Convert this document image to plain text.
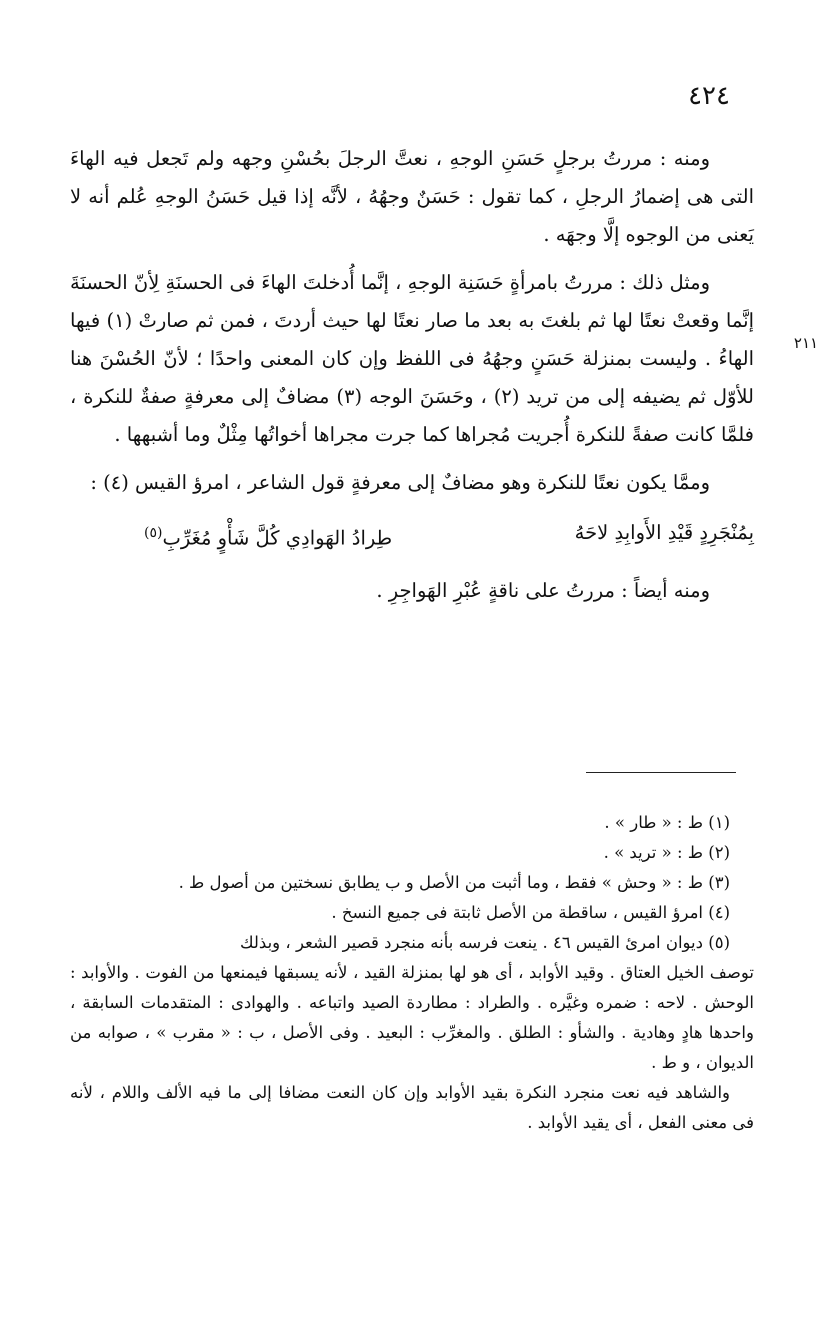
٤٢٤
٢١١

ومنه : مررتُ برجلٍ حَسَنِ الوجهِ ، نعتَّ الرجلَ بحُسْنِ وجهه ولم تَجعل فيه الهاءَ التى هى إضمارُ الرجلِ ، كما تقول : حَسَنٌ وجهُهُ ، لأنَّه إذا قيل حَسَنُ الوجهِ عُلم أنه لا يَعنى من الوجوه إلَّا وجهَه .

ومثل ذلك : مررتُ بامرأةٍ حَسَنِة الوجهِ ، إنَّما أُدخلتَ الهاءَ فى الحسنَةِ لِأنّ الحسنَةَ إنَّما وقعتْ نعتًا لها ثم بلغتَ به بعد ما صار نعتًا لها حيث أردتَ ، فمن ثم صارتْ (١) فيها الهاءُ . وليست بمنزلة حَسَنٍ وجهُهُ فى اللفظ وإن كان المعنى واحدًا ؛ لأنّ الحُسْنَ هنا للأوّل ثم يضيفه إلى من تريد (٢) ، وحَسَنَ الوجه (٣) مضافٌ إلى معرفةٍ صفةٌ للنكرة ، فلمَّا كانت صفةً للنكرة أُجريت مُجراها كما جرت مجراها أخواتُها مِثْلٌ وما أشبهها .

وممَّا يكون نعتًا للنكرة وهو مضافٌ إلى معرفةٍ قول الشاعر ، امرؤ القيس (٤) :

بِمُنْجَرِدٍ قَيْدِ الأَوابِدِ لاحَهُ
طِرادُ الهَوادِي كُلَّ شَأْوٍ مُغَرِّبِ$^{(٥)}$

ومنه أيضاً : مررتُ على ناقةٍ عُبْرِ الهَواجِرِ .

(١) ط : « طار » .

(٢) ط : « تريد » .

(٣) ط : « وحش » فقط ، وما أثبت من الأصل و ب يطابق نسختين من أصول ط .

(٤) امرؤ القيس ، ساقطة من الأصل ثابتة فى جميع النسخ .

(٥) ديوان امرئ القيس ٤٦ . ينعت فرسه بأنه منجرد قصير الشعر ، وبذلك

توصف الخيل العتاق . وقيد الأوابد ، أى هو لها بمنزلة القيد ، لأنه يسبقها فيمنعها من الفوت . والأوابد : الوحش . لاحه : ضمره وغيَّره . والطراد : مطاردة الصيد واتباعه . والهوادى : المتقدمات السابقة ، واحدها هادٍ وهادية . والشأو : الطلق . والمغرِّب : البعيد . وفى الأصل ، ب : « مقرب » ، صوابه من الديوان ، و ط .

والشاهد فيه نعت منجرد النكرة بقيد الأوابد وإن كان النعت مضافا إلى ما فيه الألف واللام ، لأنه فى معنى الفعل ، أى يقيد الأوابد .
